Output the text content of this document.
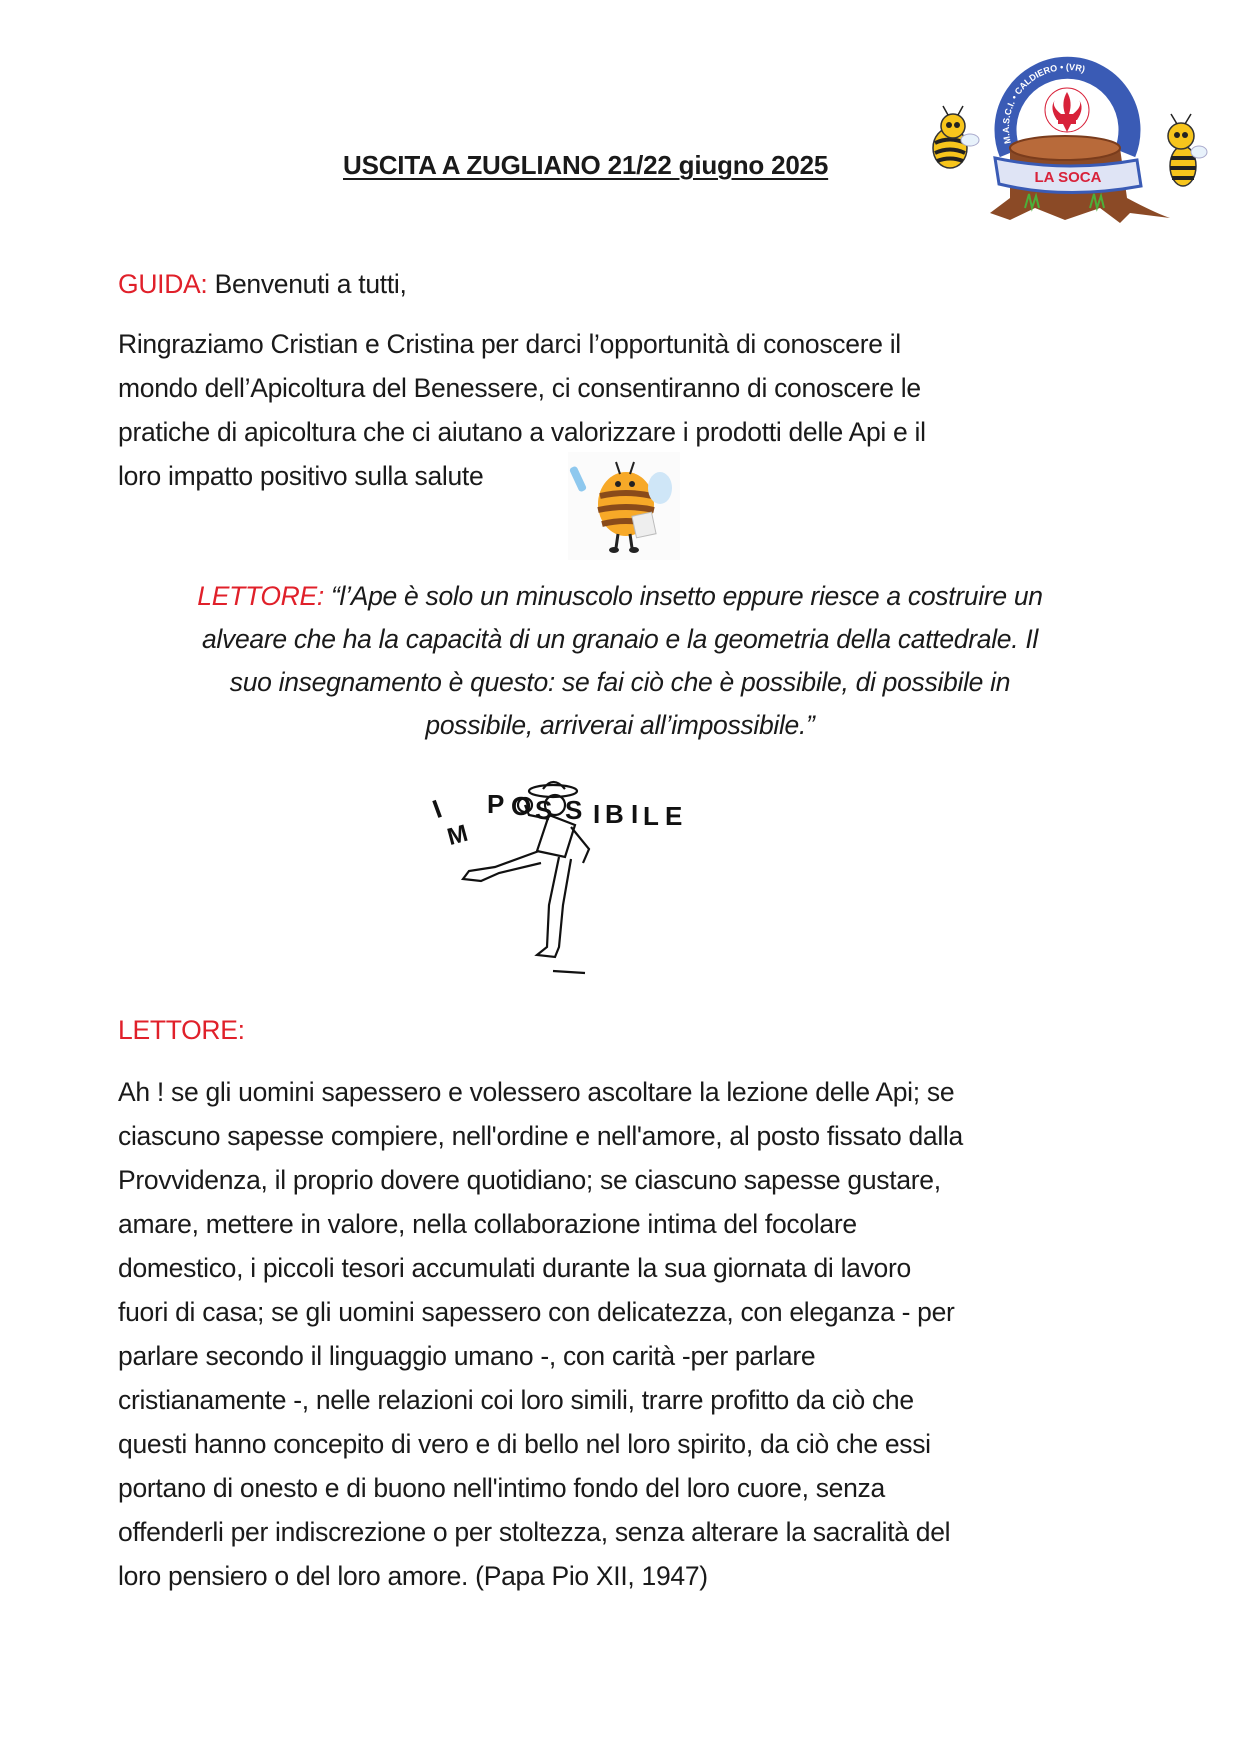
USCITA A ZUGLIANO 21/22 giugno 2025
M.A.S.C.I. • CALDIERO • (VR)
LA SOCA
GUIDA: Benvenuti a tutti,
Ringraziamo Cristian e Cristina per darci l’opportunità di conoscere il
mondo dell’Apicoltura del Benessere, ci consentiranno di conoscere le
pratiche di apicoltura che ci aiutano a valorizzare i prodotti delle Api e il
loro impatto positivo sulla salute
LETTORE: “l’Ape è solo un minuscolo insetto eppure riesce a costruire un
alveare che ha la capacità di un granaio e la geometria della cattedrale. Il
suo insegnamento è questo: se fai ciò che è possibile, di possibile in
possibile, arriverai all’impossibile.”
I
M
P O S S I B I L E
LETTORE:
Ah ! se gli uomini sapessero e volessero ascoltare la lezione delle Api; se
ciascuno sapesse compiere, nell'ordine e nell'amore, al posto fissato dalla
Provvidenza, il proprio dovere quotidiano; se ciascuno sapesse gustare,
amare, mettere in valore, nella collaborazione intima del focolare
domestico, i piccoli tesori accumulati durante la sua giornata di lavoro
fuori di casa; se gli uomini sapessero con delicatezza, con eleganza - per
parlare secondo il linguaggio umano -, con carità -per parlare
cristianamente -, nelle relazioni coi loro simili, trarre profitto da ciò che
questi hanno concepito di vero e di bello nel loro spirito, da ciò che essi
portano di onesto e di buono nell'intimo fondo del loro cuore, senza
offenderli per indiscrezione o per stoltezza, senza alterare la sacralità del
loro pensiero o del loro amore. (Papa Pio XII, 1947)
